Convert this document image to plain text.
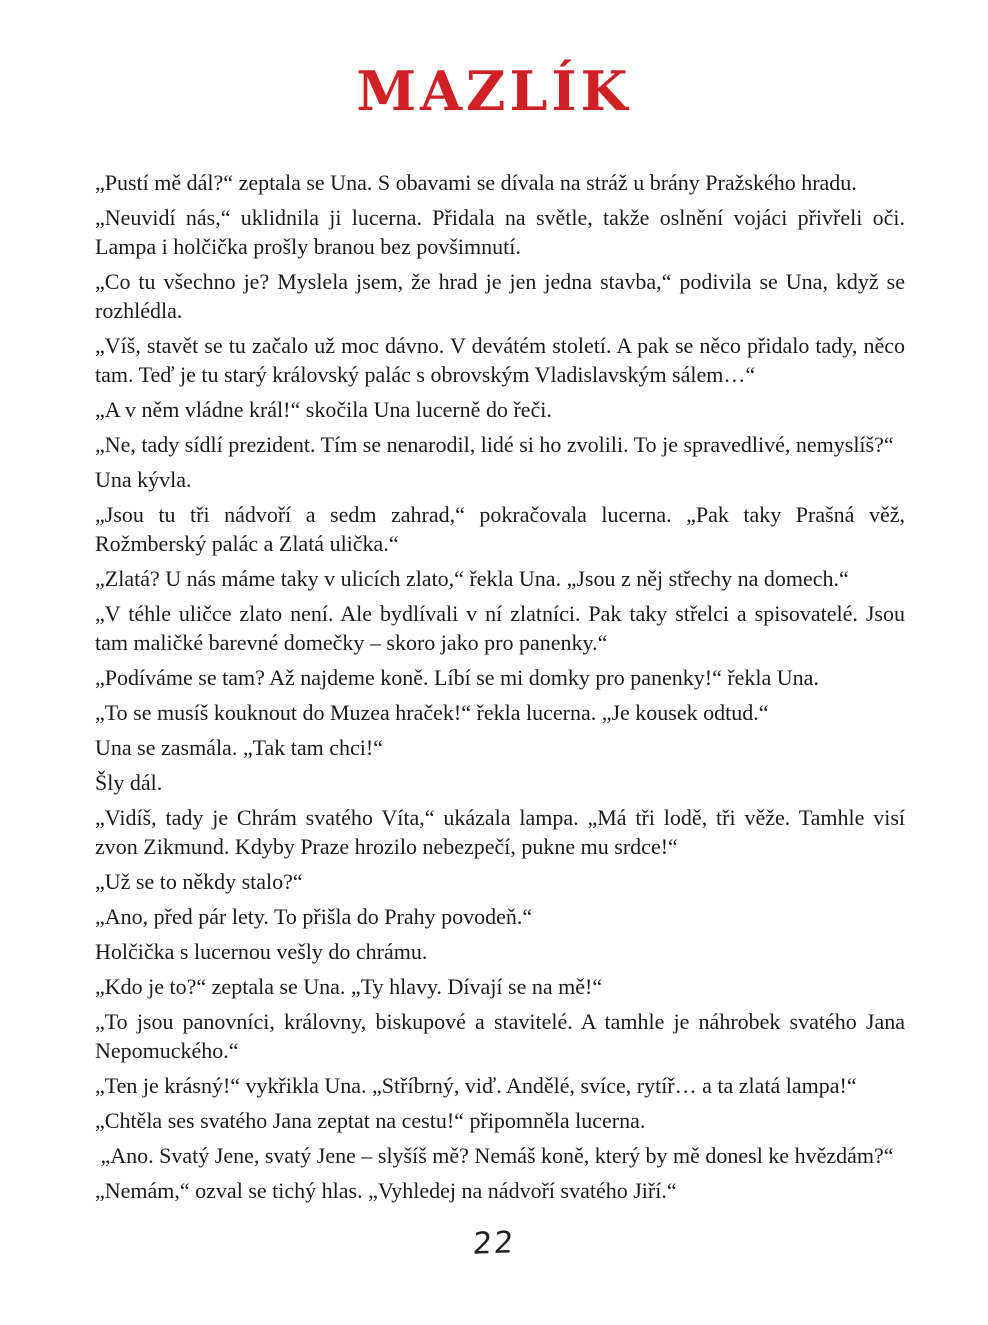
MAZLÍK

„Pustí mě dál?“ zeptala se Una. S obavami se dívala na stráž u brány Pražského hradu.

„Neuvidí nás,“ uklidnila ji lucerna. Přidala na světle, takže oslnění vojáci přivřeli oči. Lampa i holčička prošly branou bez povšimnutí.

„Co tu všechno je? Myslela jsem, že hrad je jen jedna stavba,“ podivila se Una, když se rozhlédla.

„Víš, stavět se tu začalo už moc dávno. V devátém století. A pak se něco přidalo tady, něco tam. Teď je tu starý královský palác s obrovským Vladislavským sálem…“

„A v něm vládne král!“ skočila Una lucerně do řeči.

„Ne, tady sídlí prezident. Tím se nenarodil, lidé si ho zvolili. To je spravedlivé, nemyslíš?“

Una kývla.

„Jsou tu tři nádvoří a sedm zahrad,“ pokračovala lucerna. „Pak taky Prašná věž, Rožmberský palác a Zlatá ulička.“

„Zlatá? U nás máme taky v ulicích zlato,“ řekla Una. „Jsou z něj střechy na domech.“

„V téhle uličce zlato není. Ale bydlívali v ní zlatníci. Pak taky střelci a spisovatelé. Jsou tam maličké barevné domečky – skoro jako pro panenky.“

„Podíváme se tam? Až najdeme koně. Líbí se mi domky pro panenky!“ řekla Una.

„To se musíš kouknout do Muzea hraček!“ řekla lucerna. „Je kousek odtud.“

Una se zasmála. „Tak tam chci!“

Šly dál.

„Vidíš, tady je Chrám svatého Víta,“ ukázala lampa. „Má tři lodě, tři věže. Tamhle visí zvon Zikmund. Kdyby Praze hrozilo nebezpečí, pukne mu srdce!“

„Už se to někdy stalo?“

„Ano, před pár lety. To přišla do Prahy povodeň.“

Holčička s lucernou vešly do chrámu.

„Kdo je to?“ zeptala se Una. „Ty hlavy. Dívají se na mě!“

„To jsou panovníci, královny, biskupové a stavitelé. A tamhle je náhrobek svatého Jana Nepomuckého.“

„Ten je krásný!“ vykřikla Una. „Stříbrný, viď. Andělé, svíce, rytíř… a ta zlatá lampa!“

„Chtěla ses svatého Jana zeptat na cestu!“ připomněla lucerna.

„Ano. Svatý Jene, svatý Jene – slyšíš mě? Nemáš koně, který by mě donesl ke hvězdám?“

„Nemám,“ ozval se tichý hlas. „Vyhledej na nádvoří svatého Jiří.“

22
